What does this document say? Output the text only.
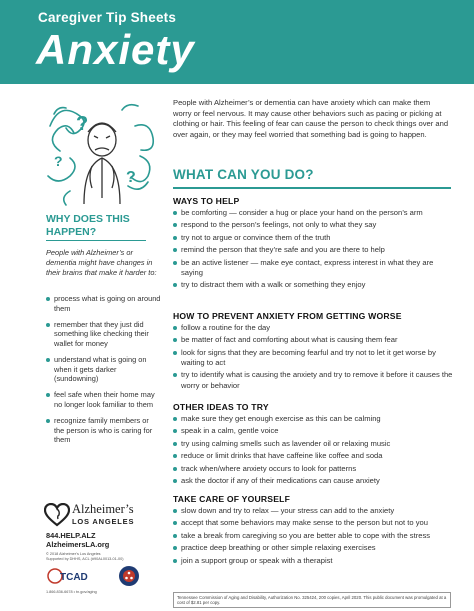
Caregiver Tip Sheets
Anxiety
?
?
?
People with Alzheimer’s or dementia can have anxiety which can make them worry or feel nervous. It may cause other behaviors such as pacing or picking at clothing or hair. This feeling of fear can cause the person to check things over and over again, or they may feel worried that something bad is going to happen.
WHAT CAN YOU DO?
WHY DOES THIS HAPPEN?
People with Alzheimer’s or dementia might have changes in their brains that make it harder to:
process what is going on around them
remember that they just did something like checking their wallet for money
understand what is going on when it gets darker (sundowning)
feel safe when their home may no longer look familiar to them
recognize family members or the person is who is caring for them
Alzheimer’s
LOS ANGELES
844.HELP.ALZ
AlzheimersLA.org
© 2018 Alzheimer’s Los Angeles
Supported by DHHS, ACL (#90AL0013-01-00)
TCAD
1.866.836-6678 • tn.gov/aging
WAYS TO HELP
be comforting — consider a hug or place your hand on the person’s arm
respond to the person’s feelings, not only to what they say
try not to argue or convince them of the truth
remind the person that they’re safe and you are there to help
be an active listener — make eye contact, express interest in what they are saying
try to distract them with a walk or something they enjoy
HOW TO PREVENT ANXIETY FROM GETTING WORSE
follow a routine for the day
be matter of fact and comforting about what is causing them fear
look for signs that they are becoming fearful and try not to let it get worse by waiting to act
try to identify what is causing the anxiety and try to remove it before it causes the worry or behavior
OTHER IDEAS TO TRY
make sure they get enough exercise as this can be calming
speak in a calm, gentle voice
try using calming smells such as lavender oil or relaxing music
reduce or limit drinks that have caffeine like coffee and soda
track when/where anxiety occurs to look for patterns
ask the doctor if any of their medications can cause anxiety
TAKE CARE OF YOURSELF
slow down and try to relax — your stress can add to the anxiety
accept that some behaviors may make sense to the person but not to you
take a break from caregiving so you are better able to cope with the stress
practice deep breathing or other simple relaxing exercises
join a support group or speak with a therapist
Tennessee Commission of Aging and Disability, Authorization No. 325424, 200 copies, April 2020. This public document was promulgated at a cost of $2.81 per copy.
